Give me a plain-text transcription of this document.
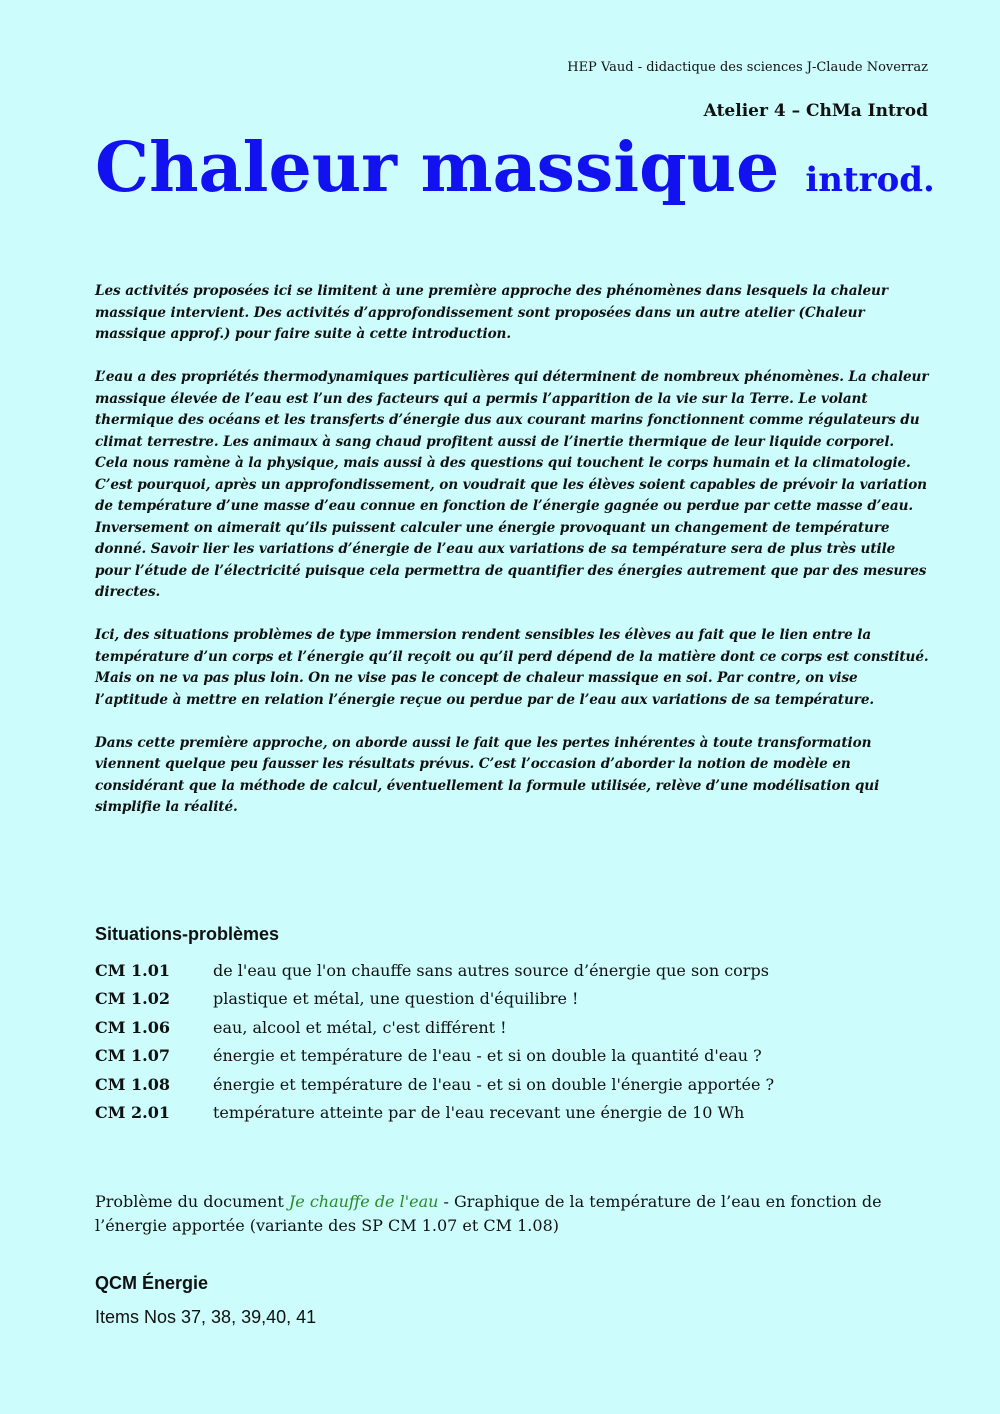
HEP Vaud - didactique des sciences J-Claude Noverraz
Atelier 4 – ChMa Introd
Chaleur massique introd.

Les activités proposées ici se limitent à une première approche des phénomènes dans lesquels la chaleur massique intervient. Des activités d’approfondissement sont proposées dans un autre atelier (Chaleur massique approf.) pour faire suite à cette introduction.

L’eau a des propriétés thermodynamiques particulières qui déterminent de nombreux phénomènes. La chaleur massique élevée de l’eau est l’un des facteurs qui a permis l’apparition de la vie sur la Terre. Le volant thermique des océans et les transferts d’énergie dus aux courant marins fonctionnent comme régulateurs du climat terrestre. Les animaux à sang chaud profitent aussi de l’inertie thermique de leur liquide corporel. Cela nous ramène à la physique, mais aussi à des questions qui touchent le corps humain et la climatologie. C’est pourquoi, après un approfondissement, on voudrait que les élèves soient capables de prévoir la variation de température d’une masse d’eau connue en fonction de l’énergie gagnée ou perdue par cette masse d’eau. Inversement on aimerait qu’ils puissent calculer une énergie provoquant un changement de température donné. Savoir lier les variations d’énergie de l’eau aux variations de sa température sera de plus très utile pour l’étude de l’électricité puisque cela permettra de quantifier des énergies autrement que par des mesures directes.

Ici, des situations problèmes de type immersion rendent sensibles les élèves au fait que le lien entre la température d’un corps et l’énergie qu’il reçoit ou qu’il perd dépend de la matière dont ce corps est constitué. Mais on ne va pas plus loin. On ne vise pas le concept de chaleur massique en soi. Par contre, on vise l’aptitude à mettre en relation l’énergie reçue ou perdue par de l’eau aux variations de sa température.

Dans cette première approche, on aborde aussi le fait que les pertes inhérentes à toute transformation viennent quelque peu fausser les résultats prévus. C’est l’occasion d’aborder la notion de modèle en considérant que la méthode de calcul, éventuellement la formule utilisée, relève d’une modélisation qui simplifie la réalité.

Situations-problèmes
CM 1.01	de l'eau que l'on chauffe sans autres source d’énergie que son corps
CM 1.02	plastique et métal, une question d'équilibre !
CM 1.06	eau, alcool et métal, c'est différent !
CM 1.07	énergie et température de l'eau - et si on double la quantité d'eau ?
CM 1.08	énergie et température de l'eau - et si on double l'énergie apportée ?
CM 2.01	température atteinte par de l'eau recevant une énergie de 10 Wh
Problème du document Je chauffe de l'eau - Graphique de la température de l’eau en fonction de l’énergie apportée (variante des SP CM 1.07 et CM 1.08)
QCM Énergie
Items Nos 37, 38, 39,40, 41
